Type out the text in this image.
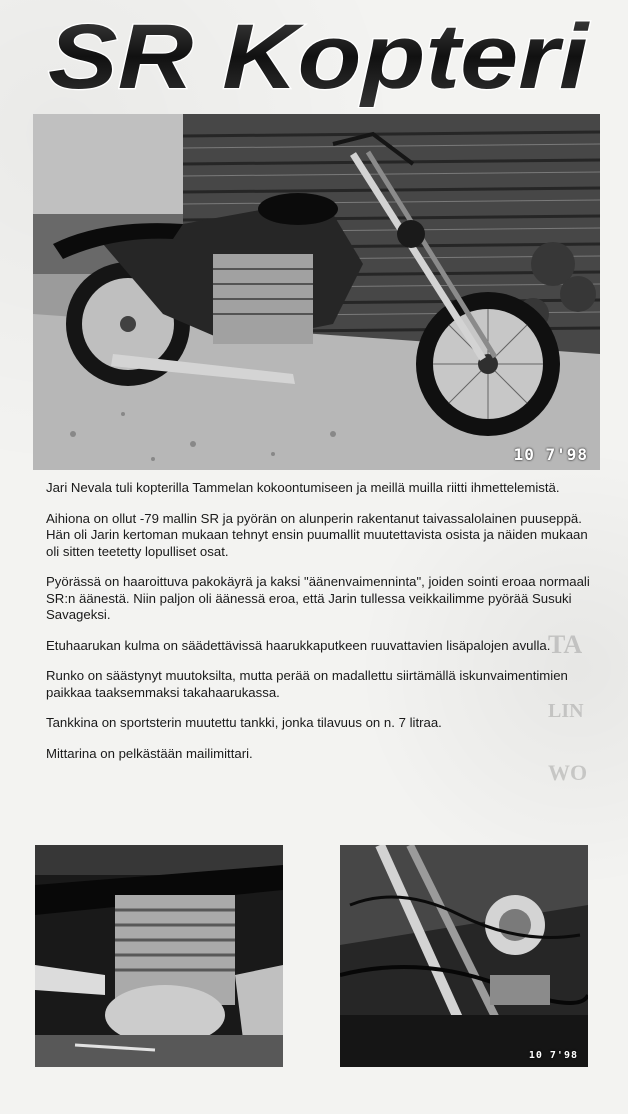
TA
LIN
WO
SR Kopteri
10 7'98

Jari Nevala tuli kopterilla Tammelan kokoontumiseen ja meillä muilla riitti ihmettelemistä.

Aihiona on ollut -79 mallin SR ja pyörän on alunperin rakentanut taivassalolainen puuseppä. Hän oli Jarin kertoman mukaan tehnyt ensin puumallit muutettavista osista ja näiden mukaan oli sitten teetetty lopulliset osat.

Pyörässä on haaroittuva pakokäyrä ja kaksi "äänenvaimenninta", joiden sointi eroaa normaali SR:n äänestä. Niin paljon oli äänessä eroa, että Jarin tullessa veikkailimme pyörää Susuki Savageksi.

Etuhaarukan kulma on säädettävissä haarukkaputkeen ruuvattavien lisäpalojen avulla.

Runko on säästynyt muutoksilta, mutta perää on madallettu siirtämällä iskunvaimentimien paikkaa taaksemmaksi takahaarukassa.

Tankkina on sportsterin muutettu tankki, jonka tilavuus on n. 7 litraa.

Mittarina on pelkästään mailimittari.

10 7'98
